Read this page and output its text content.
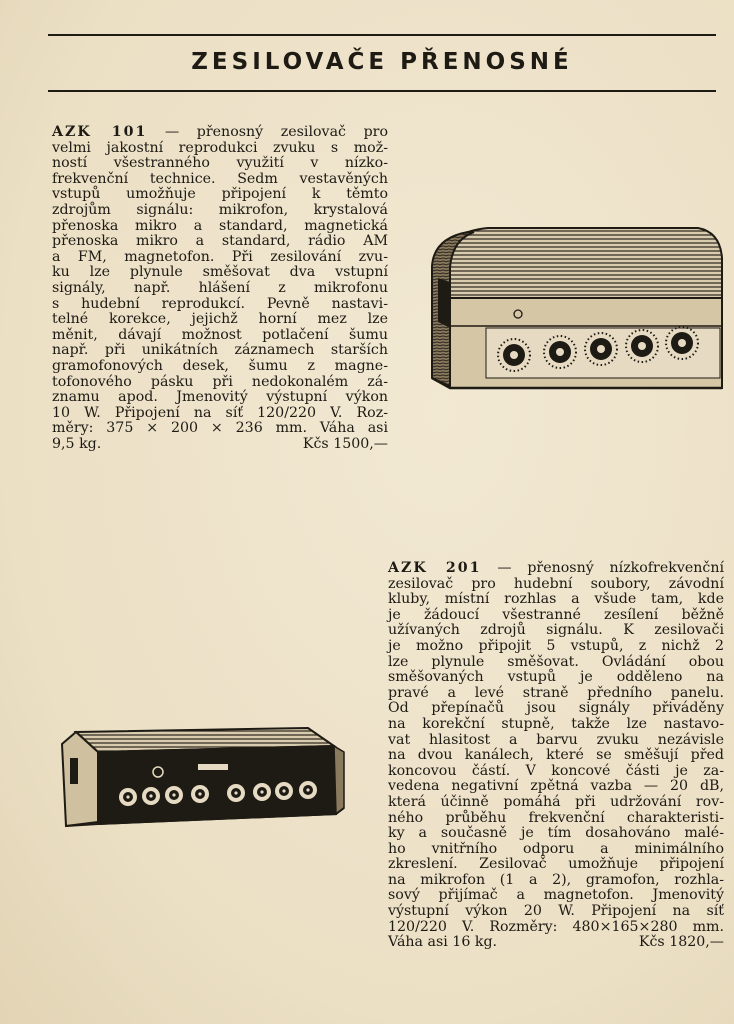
ZESILOVAČE PŘENOSNÉ
AZK 101 — přenosný zesilovač pro
velmi jakostní reprodukci zvuku s mož-
ností všestranného využití v nízko-
frekvenční technice. Sedm vestavěných
vstupů umožňuje připojení k těmto
zdrojům signálu: mikrofon, krystalová
přenoska mikro a standard, magnetická
přenoska mikro a standard, rádio AM
a FM, magnetofon. Při zesilování zvu-
ku lze plynule směšovat dva vstupní
signály, např. hlášení z mikrofonu
s hudební reprodukcí. Pevně nastavi-
telné korekce, jejichž horní mez lze
měnit, dávají možnost potlačení šumu
např. při unikátních záznamech starších
gramofonových desek, šumu z magne-
tofonového pásku při nedokonalém zá-
znamu apod. Jmenovitý výstupní výkon
10 W. Připojení na síť 120/220 V. Roz-
měry: 375 × 200 × 236 mm. Váha asi
9,5 kg.	Kčs 1500,—
AZK 201 — přenosný nízkofrekvenční
zesilovač pro hudební soubory, závodní
kluby, místní rozhlas a všude tam, kde
je žádoucí všestranné zesílení běžně
užívaných zdrojů signálu. K zesilovači
je možno připojit 5 vstupů, z nichž 2
lze plynule směšovat. Ovládání obou
směšovaných vstupů je odděleno na
pravé a levé straně předního panelu.
Od přepínačů jsou signály přiváděny
na korekční stupně, takže lze nastavo-
vat hlasitost a barvu zvuku nezávisle
na dvou kanálech, které se směšují před
koncovou částí. V koncové části je za-
vedena negativní zpětná vazba — 20 dB,
která účinně pomáhá při udržování rov-
ného průběhu frekvenční charakteristi-
ky a současně je tím dosahováno malé-
ho vnitřního odporu a minimálního
zkreslení. Zesilovač umožňuje připojení
na mikrofon (1 a 2), gramofon, rozhla-
sový přijímač a magnetofon. Jmenovitý
výstupní výkon 20 W. Připojení na síť
120/220 V. Rozměry: 480×165×280 mm.
Váha asi 16 kg.	Kčs 1820,—
